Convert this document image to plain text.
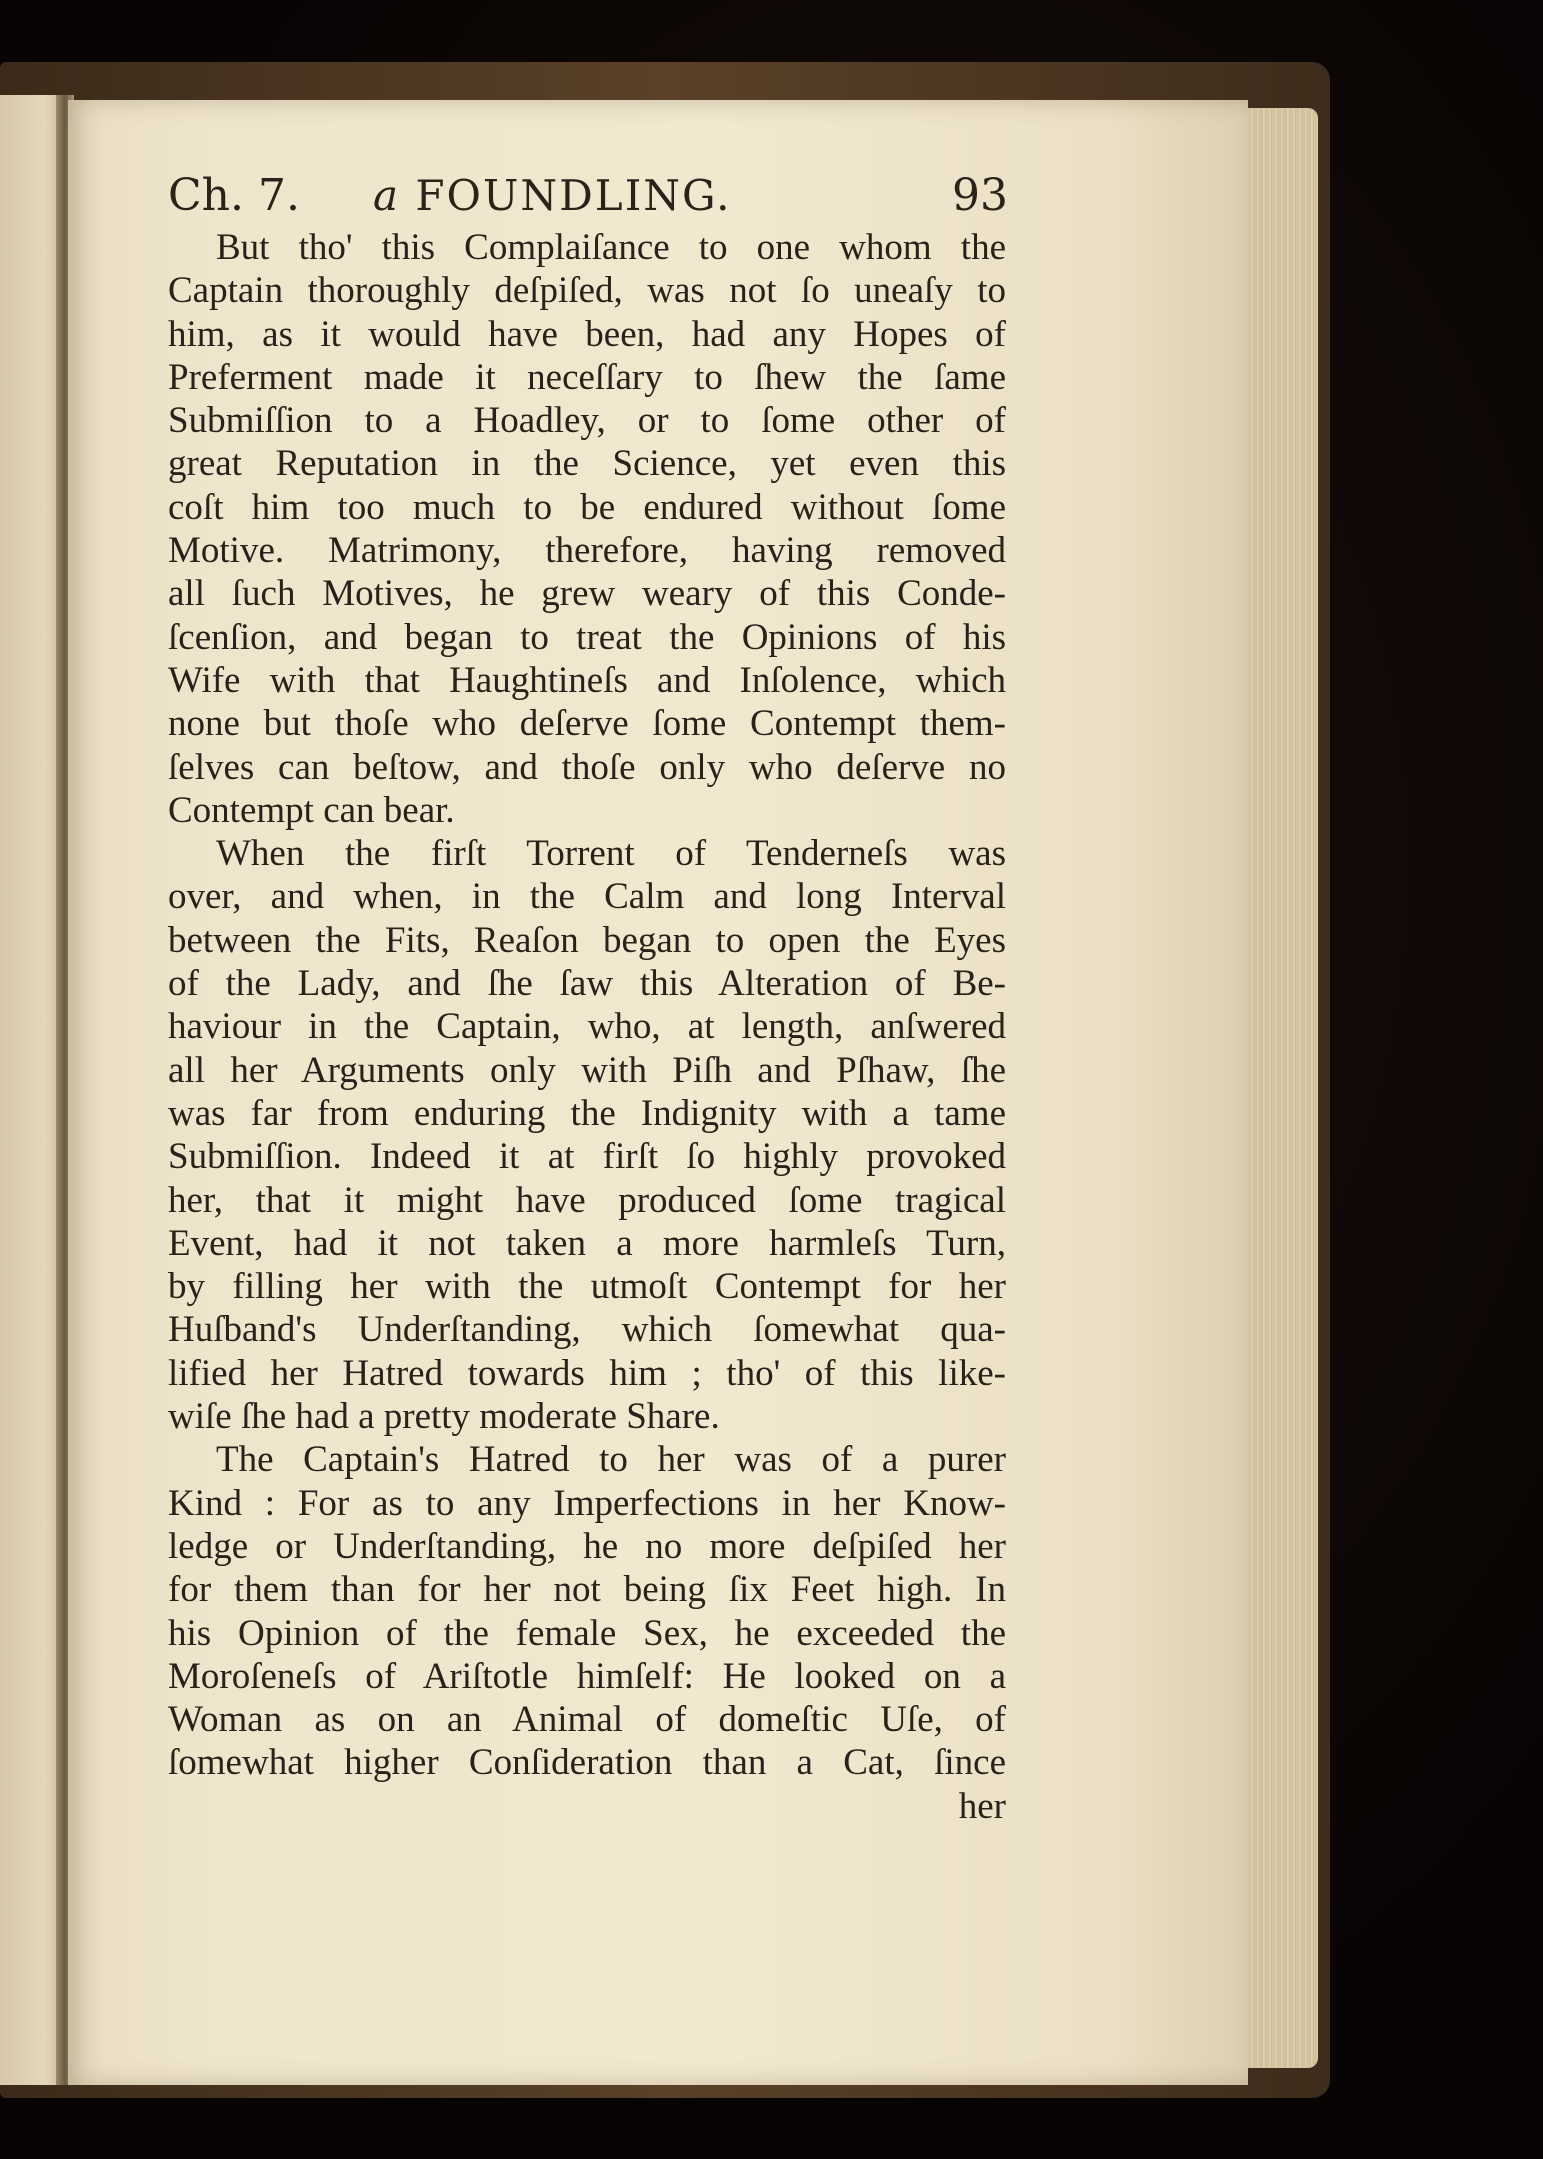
Ch. 7. a FOUNDLING.	93
But tho' this Complaiſance to one whom the
Captain thoroughly deſpiſed, was not ſo uneaſy to
him, as it would have been, had any Hopes of
Preferment made it neceſſary to ſhew the ſame
Submiſſion to a Hoadley, or to ſome other of
great Reputation in the Science, yet even this
coſt him too much to be endured without ſome
Motive. Matrimony, therefore, having removed
all ſuch Motives, he grew weary of this Conde-
ſcenſion, and began to treat the Opinions of his
Wife with that Haughtineſs and Inſolence, which
none but thoſe who deſerve ſome Contempt them-
ſelves can beſtow, and thoſe only who deſerve no
Contempt can bear.
When the firſt Torrent of Tenderneſs was
over, and when, in the Calm and long Interval
between the Fits, Reaſon began to open the Eyes
of the Lady, and ſhe ſaw this Alteration of Be-
haviour in the Captain, who, at length, anſwered
all her Arguments only with Piſh and Pſhaw, ſhe
was far from enduring the Indignity with a tame
Submiſſion. Indeed it at firſt ſo highly provoked
her, that it might have produced ſome tragical
Event, had it not taken a more harmleſs Turn,
by filling her with the utmoſt Contempt for her
Huſband's Underſtanding, which ſomewhat qua-
lified her Hatred towards him ; tho' of this like-
wiſe ſhe had a pretty moderate Share.
The Captain's Hatred to her was of a purer
Kind : For as to any Imperfections in her Know-
ledge or Underſtanding, he no more deſpiſed her
for them than for her not being ſix Feet high. In
his Opinion of the female Sex, he exceeded the
Moroſeneſs of Ariſtotle himſelf: He looked on a
Woman as on an Animal of domeſtic Uſe, of
ſomewhat higher Conſideration than a Cat, ſince
her
